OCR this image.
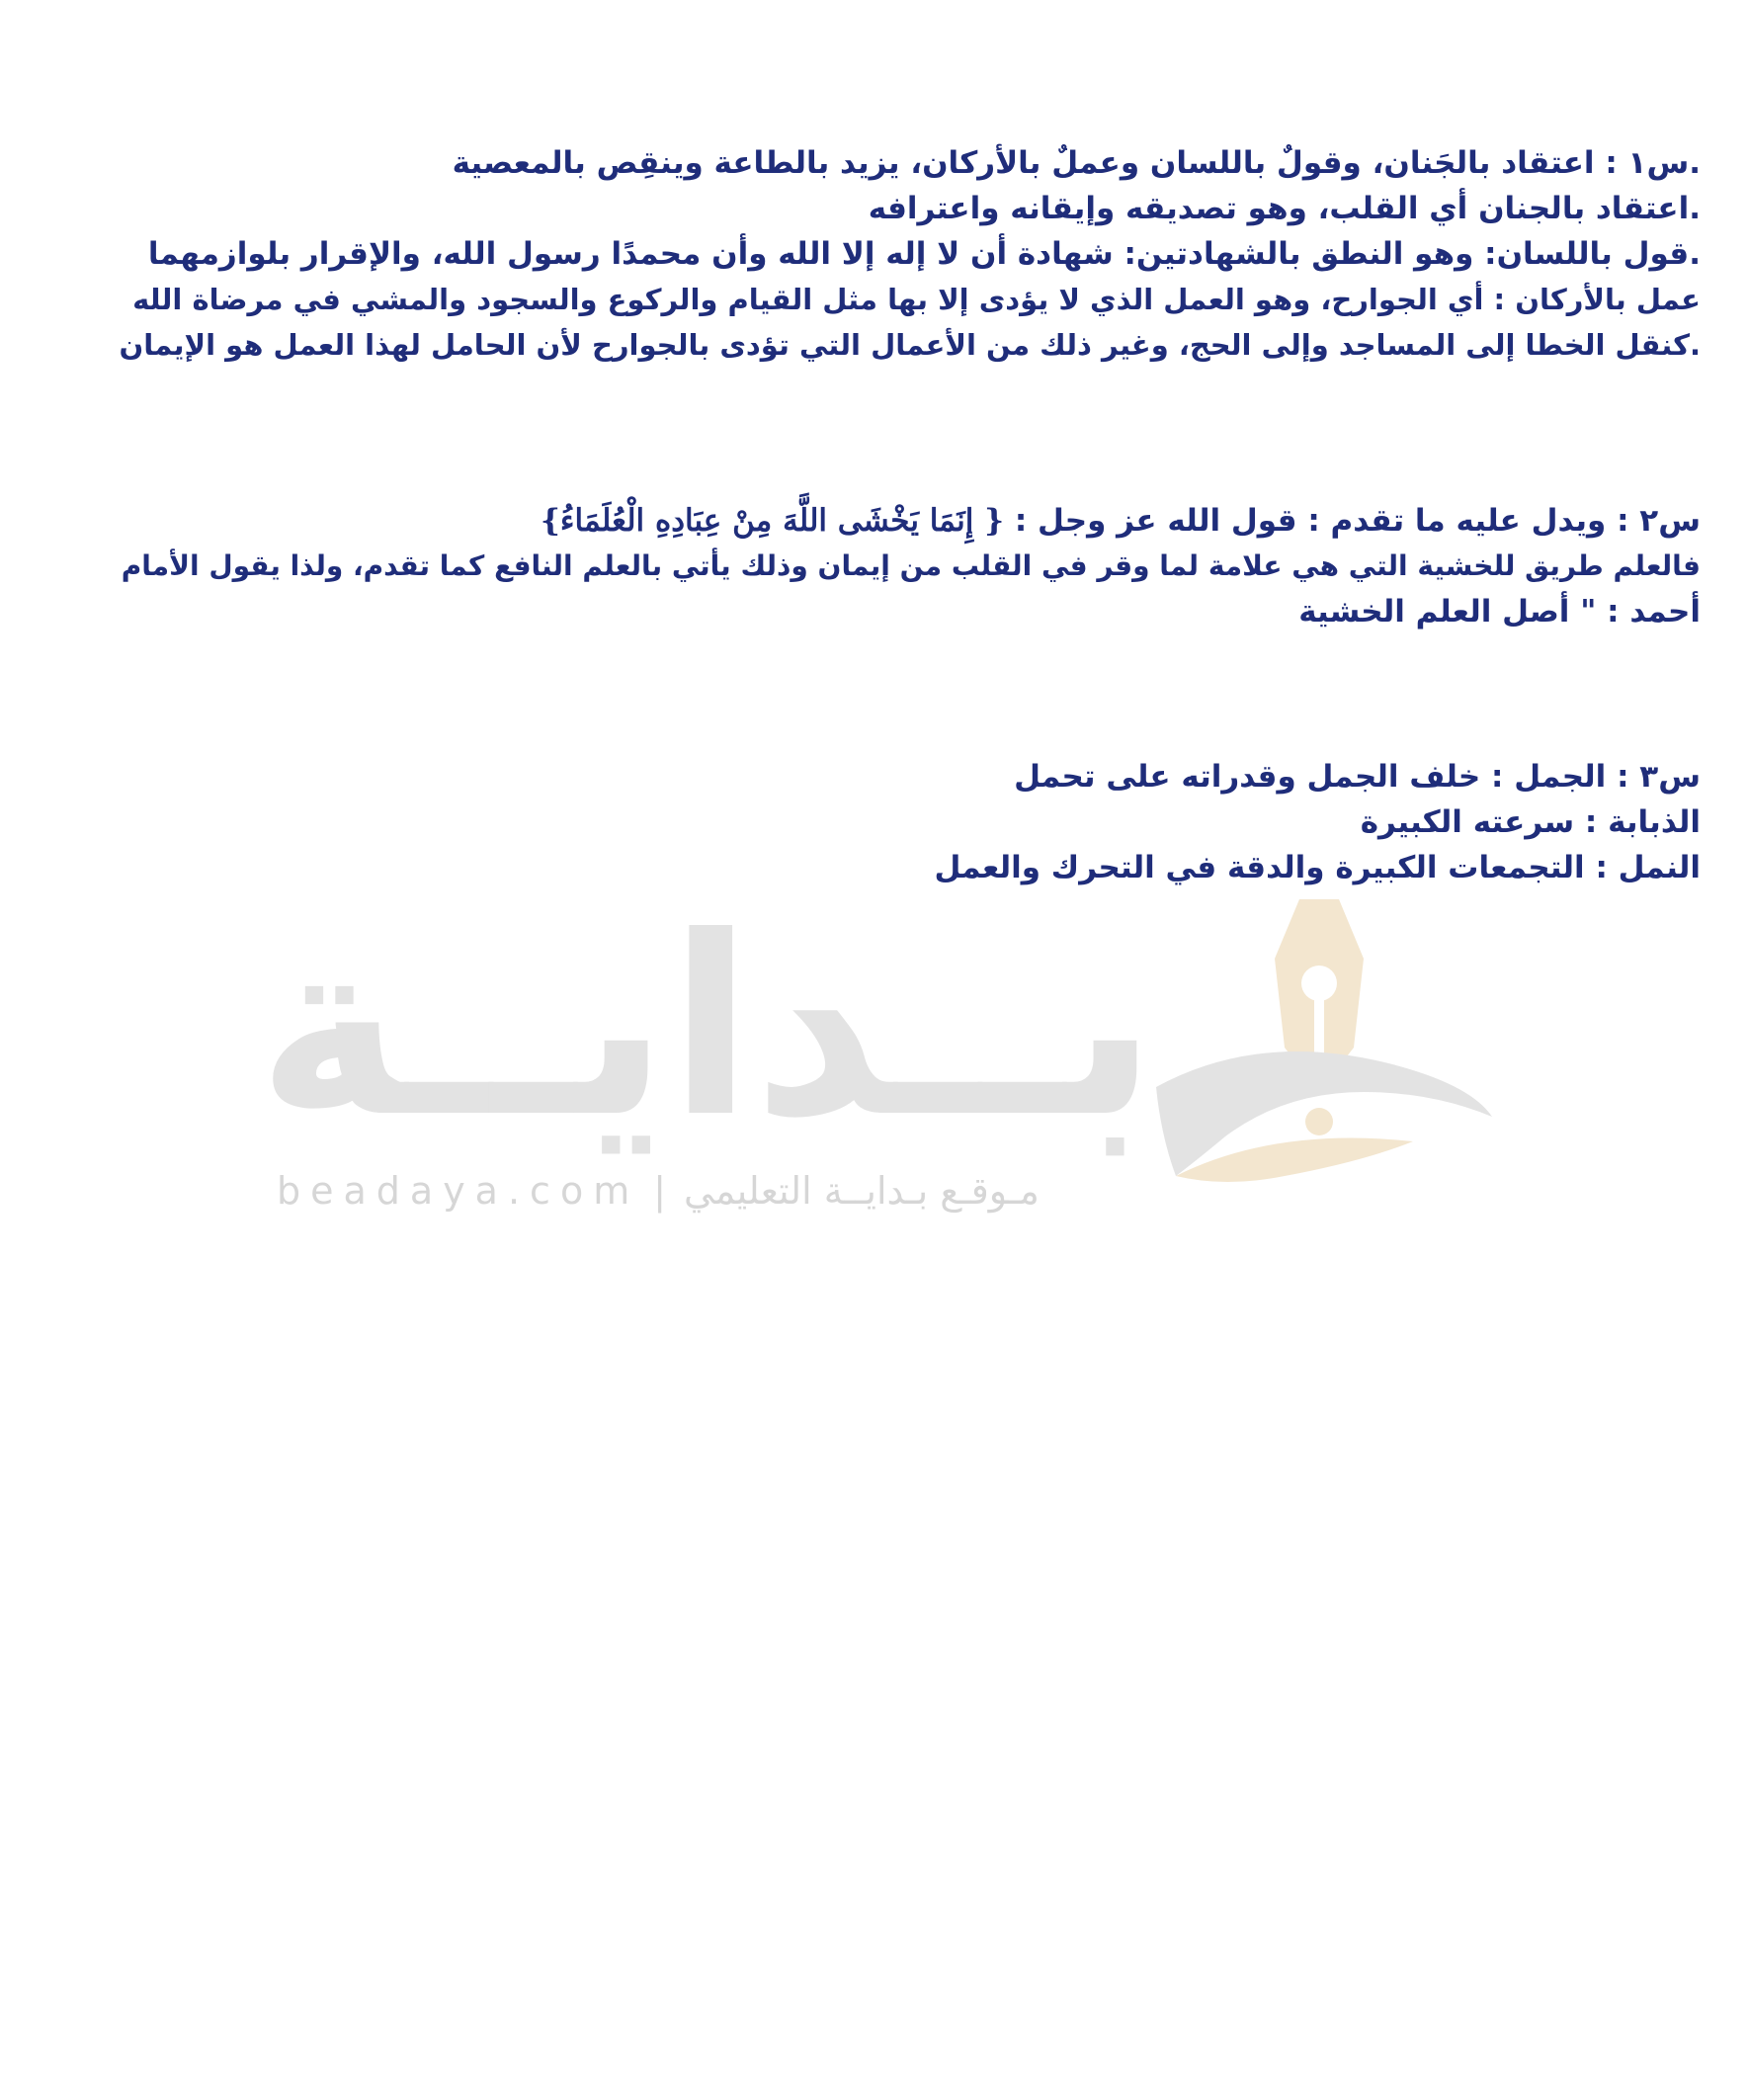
.س١ : اعتقاد بالجَنان، وقولٌ باللسان وعملٌ بالأركان، يزيد بالطاعة وينقِص بالمعصية
.اعتقاد بالجنان أي القلب، وهو تصديقه وإيقانه واعترافه
.قول باللسان: وهو النطق بالشهادتين: شهادة أن لا إله إلا الله وأن محمدًا رسول الله، والإقرار بلوازمهما
عمل بالأركان : أي الجوارح، وهو العمل الذي لا يؤدى إلا بها مثل القيام والركوع والسجود والمشي في مرضاة الله
.كنقل الخطا إلى المساجد وإلى الحج، وغير ذلك من الأعمال التي تؤدى بالجوارح لأن الحامل لهذا العمل هو الإيمان
س٢ : ويدل عليه ما تقدم : قول الله عز وجل : { إِنَمَا يَخْشَى اللَّهَ مِنْ عِبَادِهِ الْعُلَمَاءُ}
فالعلم طريق للخشية التي هي علامة لما وقر في القلب من إيمان وذلك يأتي بالعلم النافع كما تقدم، ولذا يقول الأمام
أحمد : " أصل العلم الخشية
س٣ : الجمل : خلف الجمل وقدراته على تحمل
الذبابة : سرعته الكبيرة
النمل : التجمعات الكبيرة والدقة في التحرك والعمل
بــدايــة
beadaya.com | مـوقـع بـدايــة التعليمي
